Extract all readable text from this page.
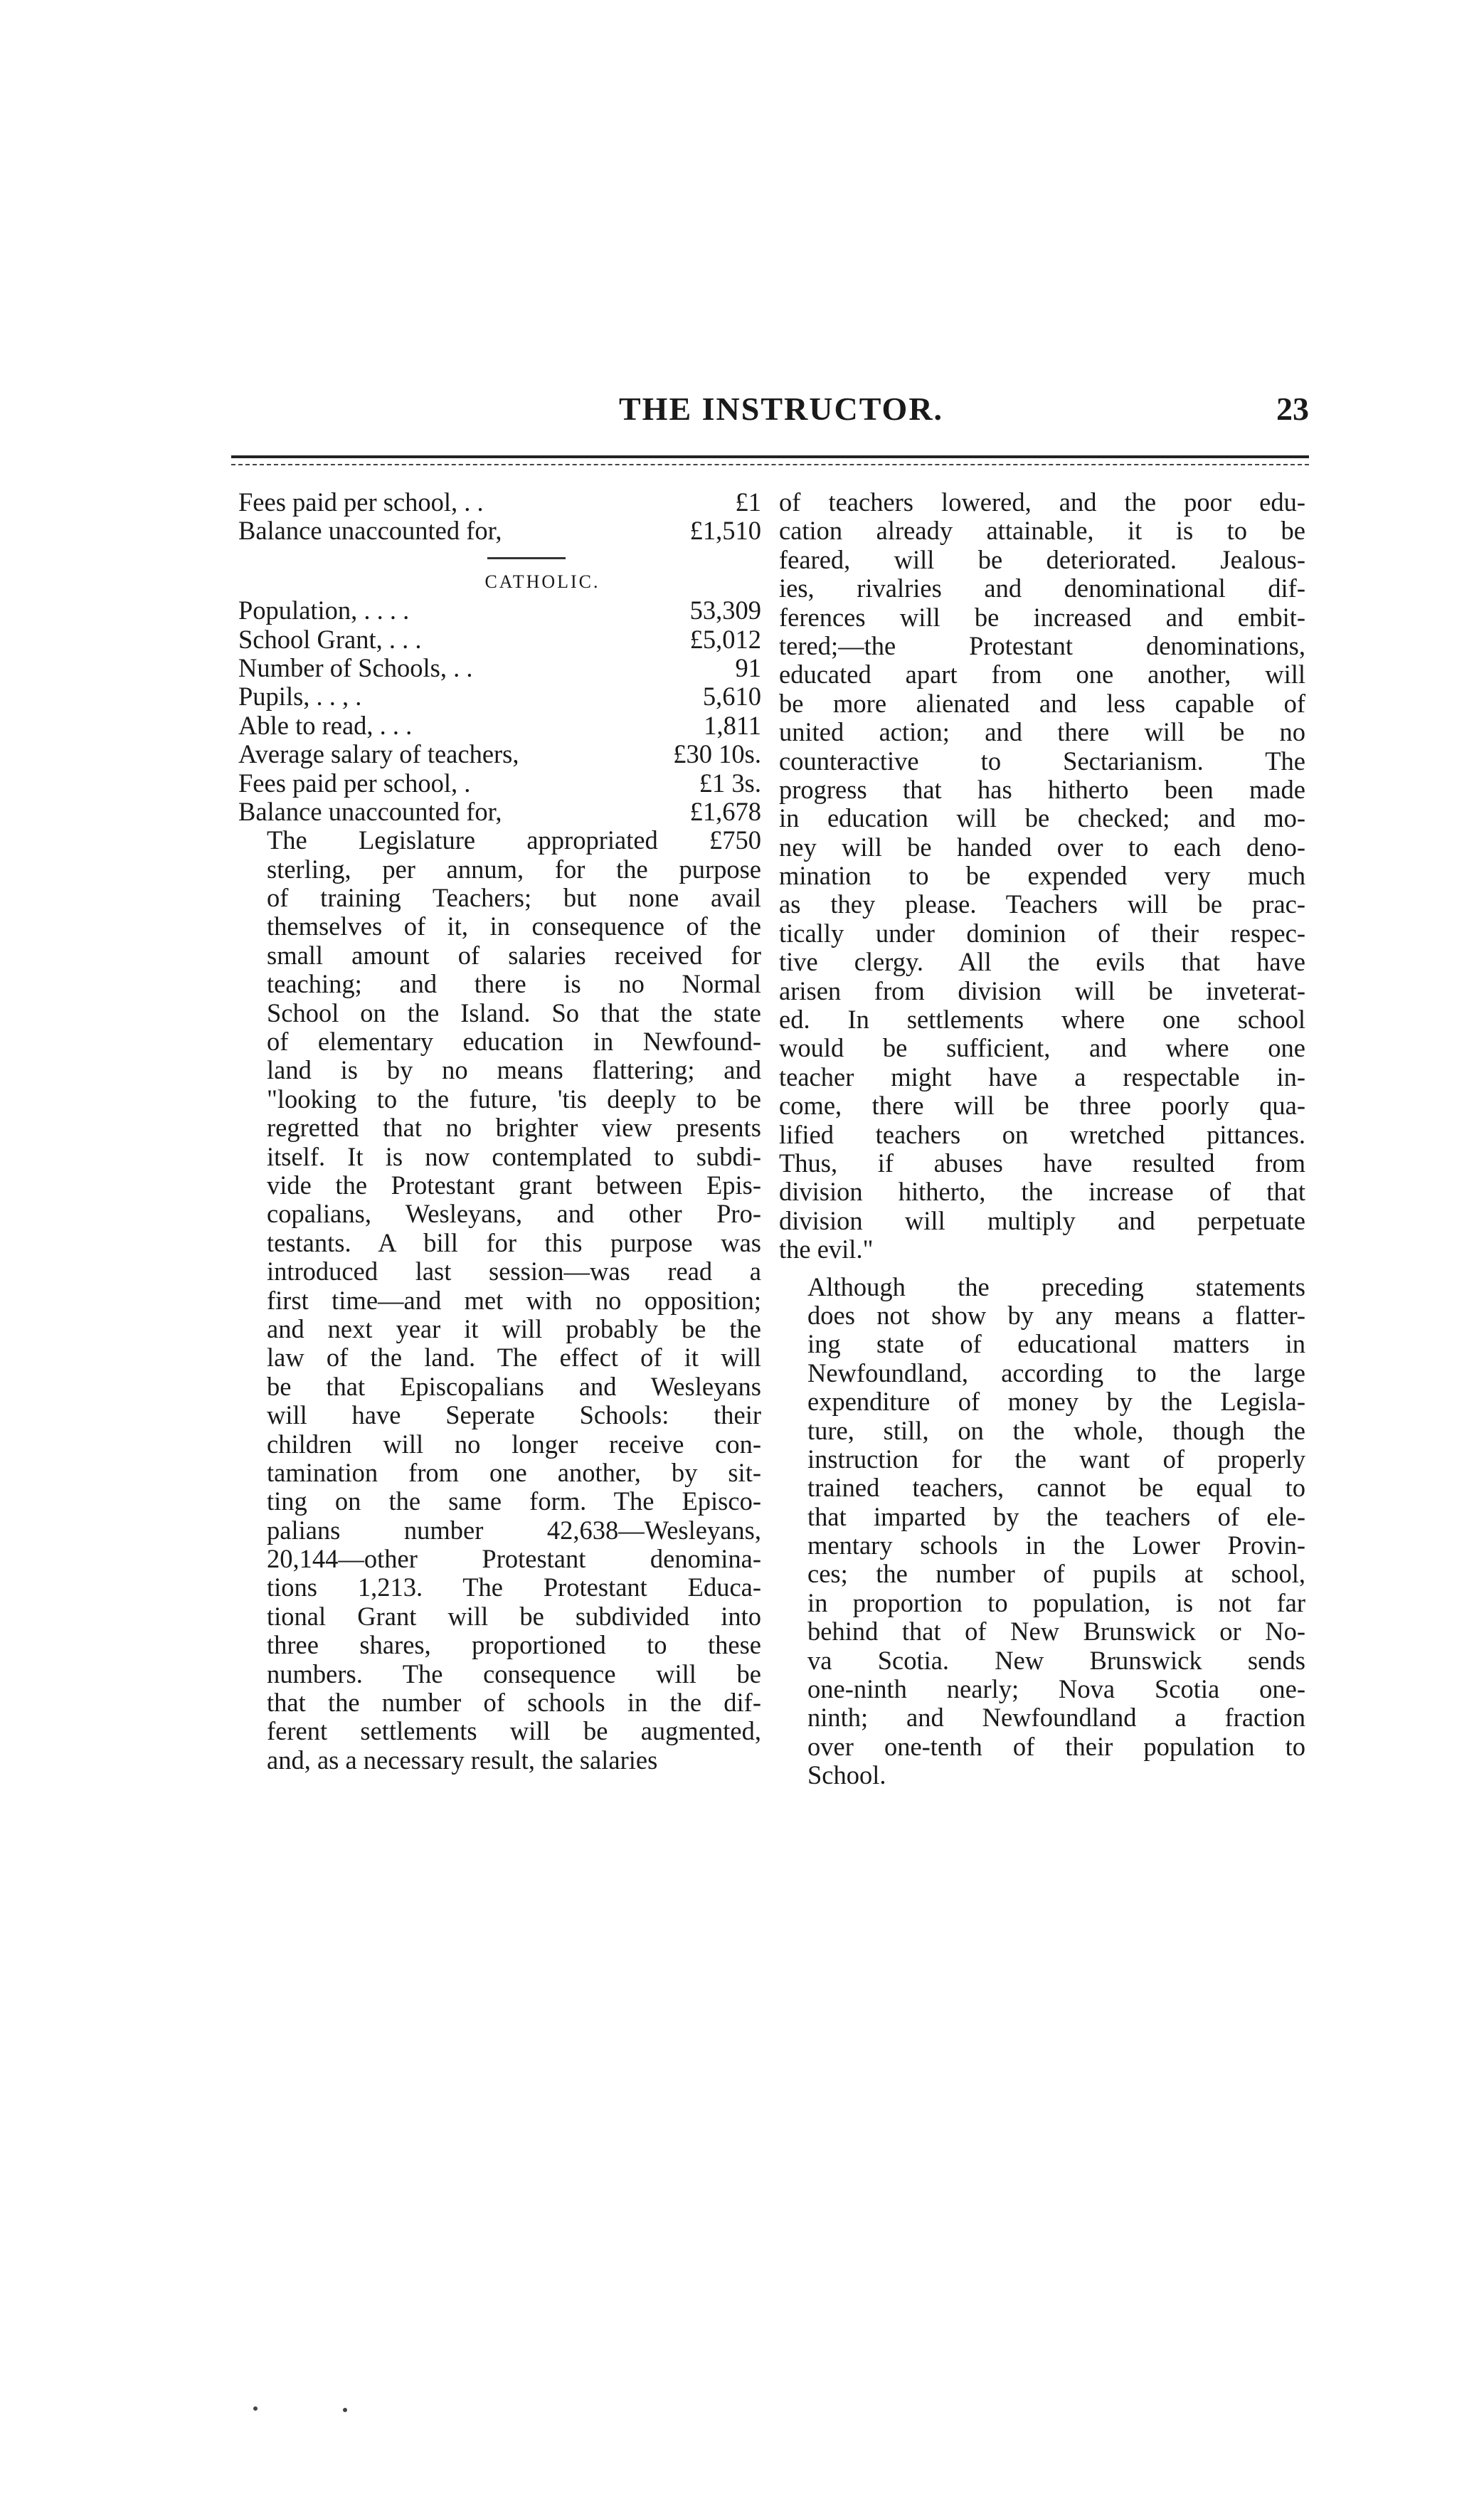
THE INSTRUCTOR.	23
Fees paid per school, . .	£1
Balance unaccounted for,	£1,510
CATHOLIC.
Population, . . . .	53,309
School Grant, . . .	£5,012
Number of Schools, . .	91
Pupils, . . , .	5,610
Able to read, . . .	1,811
Average salary of teachers,	£30 10s.
Fees paid per school, .	£1 3s.
Balance unaccounted for,	£1,678

The Legislature appropriated £750
sterling, per annum, for the purpose
of training Teachers; but none avail
themselves of it, in consequence of the
small amount of salaries received for
teaching; and there is no Normal
School on the Island. So that the state
of elementary education in Newfound-
land is by no means flattering; and
"looking to the future, 'tis deeply to be
regretted that no brighter view presents
itself. It is now contemplated to subdi-
vide the Protestant grant between Epis-
copalians, Wesleyans, and other Pro-
testants. A bill for this purpose was
introduced last session—was read a
first time—and met with no opposition;
and next year it will probably be the
law of the land. The effect of it will
be that Episcopalians and Wesleyans
will have Seperate Schools: their
children will no longer receive con-
tamination from one another, by sit-
ting on the same form. The Episco-
palians number 42,638—Wesleyans,
20,144—other Protestant denomina-
tions 1,213. The Protestant Educa-
tional Grant will be subdivided into
three shares, proportioned to these
numbers. The consequence will be
that the number of schools in the dif-
ferent settlements will be augmented,
and, as a necessary result, the salaries

of teachers lowered, and the poor edu-
cation already attainable, it is to be
feared, will be deteriorated. Jealous-
ies, rivalries and denominational dif-
ferences will be increased and embit-
tered;—the Protestant denominations,
educated apart from one another, will
be more alienated and less capable of
united action; and there will be no
counteractive to Sectarianism. The
progress that has hitherto been made
in education will be checked; and mo-
ney will be handed over to each deno-
mination to be expended very much
as they please. Teachers will be prac-
tically under dominion of their respec-
tive clergy. All the evils that have
arisen from division will be inveterat-
ed. In settlements where one school
would be sufficient, and where one
teacher might have a respectable in-
come, there will be three poorly qua-
lified teachers on wretched pittances.
Thus, if abuses have resulted from
division hitherto, the increase of that
division will multiply and perpetuate
the evil."

Although the preceding statements
does not show by any means a flatter-
ing state of educational matters in
Newfoundland, according to the large
expenditure of money by the Legisla-
ture, still, on the whole, though the
instruction for the want of properly
trained teachers, cannot be equal to
that imparted by the teachers of ele-
mentary schools in the Lower Provin-
ces; the number of pupils at school,
in proportion to population, is not far
behind that of New Brunswick or No-
va Scotia. New Brunswick sends
one-ninth nearly; Nova Scotia one-
ninth; and Newfoundland a fraction
over one-tenth of their population to
School.
